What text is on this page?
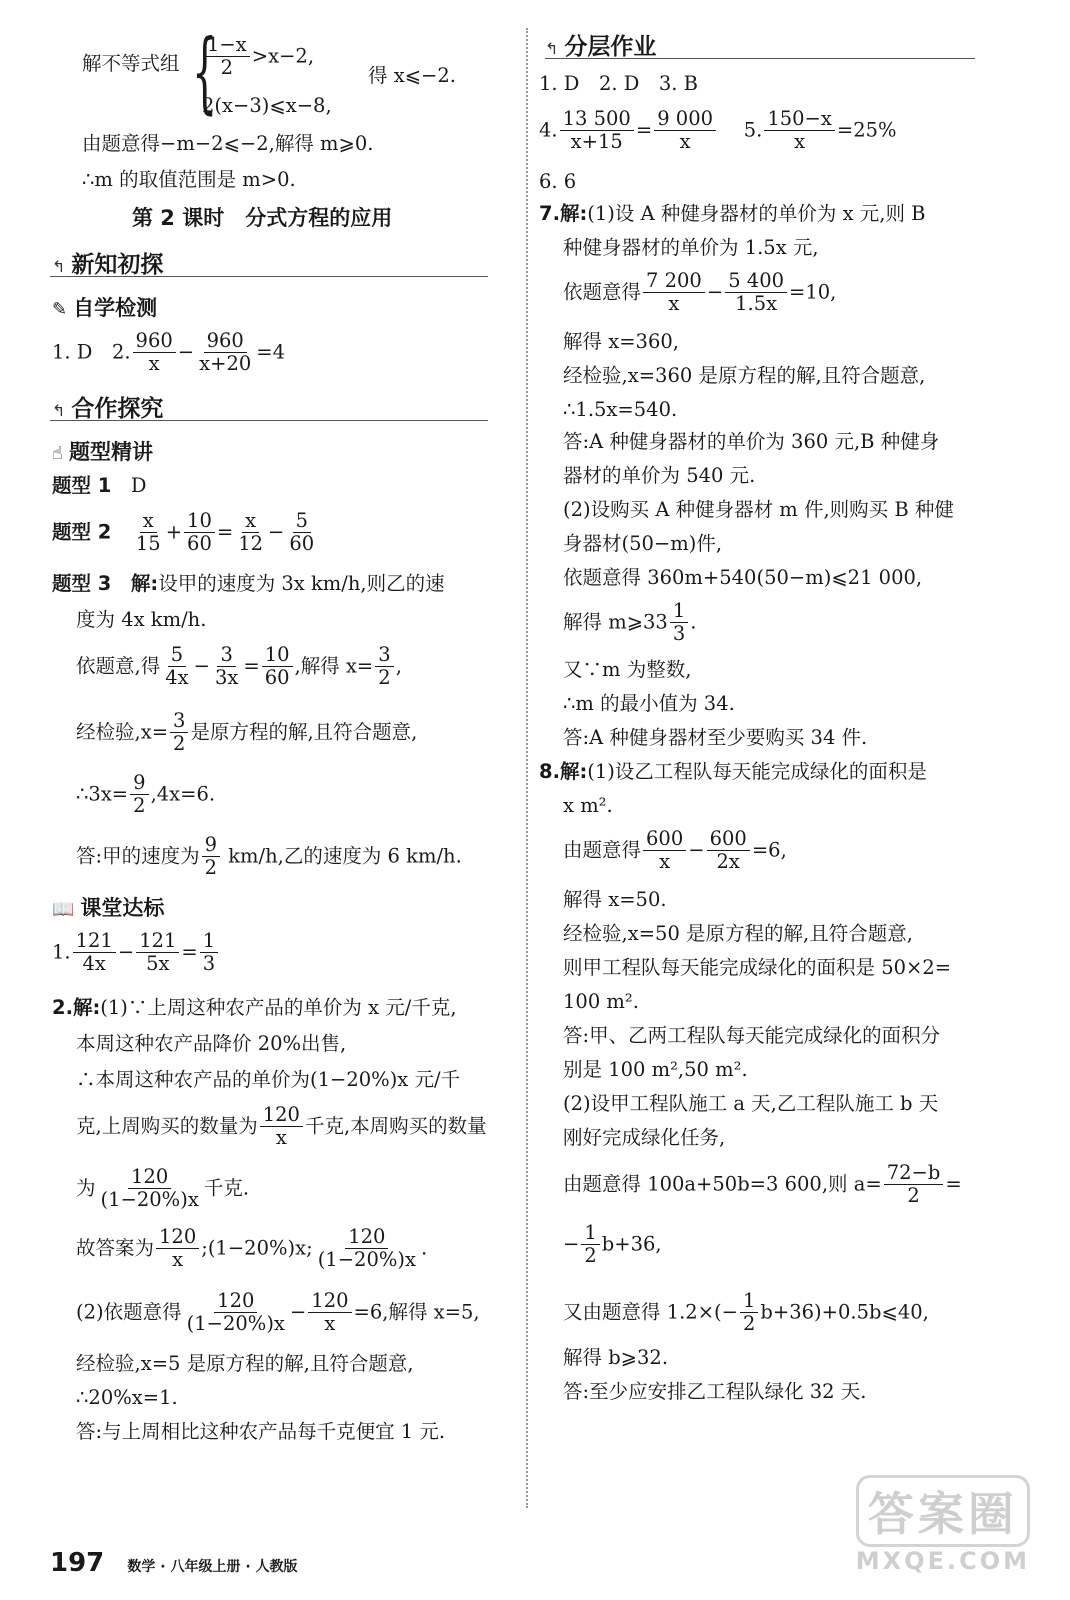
解不等式组 {
$\frac{1-x}{2} >x-2$,
得 x⩽−2.
2(x−3)⩽x−8,
由题意得−m−2⩽−2,解得 m⩾0.
∴m 的取值范围是 m>0.
第 2 课时　分式方程的应用
↰ 新知初探
✎ 自学检测
1. D　2. $\frac{960}{x} - \frac{960}{x+20} =4$
↰ 合作探究
☝ 题型精讲
题型 1　 D
题型 2　 $\frac{x}{15} + \frac{10}{60} = \frac{x}{12} - \frac{5}{60}$
题型 3　 解:设甲的速度为 3x km/h,则乙的速
度为 4x km/h.
依题意,得 $\frac{5}{4x} - \frac{3}{3x} = \frac{10}{60}$ ,解得 $x= \frac{3}{2}$ ,
经检验$,x= \frac{3}{2}$ 是原方程的解,且符合题意,
∴3x= $\frac{9}{2} ,4x=6$.
答:甲的速度为 $\frac{9}{2} km/h$,乙的速度为 6 km/h.
📖 课堂达标
1. $\frac{121}{4x} - \frac{121}{5x} = \frac{1}{3}$
2.解:(1)∵上周这种农产品的单价为 x 元/千克,
本周这种农产品降价 20%出售,
∴本周这种农产品的单价为(1−20%)x 元/千
克,上周购买的数量为 $\frac{120}{x}$ 千克,本周购买的数量
为 $\frac{120}{(1-20\%)x}$ 千克.
故答案为 $\frac{120}{x}$ ;(1−20%)x; $\frac{120}{(1-20\%)x}$ .
(2)依题意得 $\frac{120}{(1-20\%)x} - \frac{120}{x} =6$,解得 x=5,
经检验,x=5 是原方程的解,且符合题意,
∴20%x=1.
答:与上周相比这种农产品每千克便宜 1 元.
↰ 分层作业
1. D　2. D　3. B
4. $\frac{13 500}{x+15} = \frac{9 000}{x}$
　 5. $\frac{150-x}{x} =25\%$
6. 6
7.解:(1)设 A 种健身器材的单价为 x 元,则 B
种健身器材的单价为 1.5x 元,
依题意得 $\frac{7 200}{x} - \frac{5 400}{1.5x} =10$,
解得 x=360,
经检验,x=360 是原方程的解,且符合题意,
∴1.5x=540.
答:A 种健身器材的单价为 360 元,B 种健身
器材的单价为 540 元.
(2)设购买 A 种健身器材 m 件,则购买 B 种健
身器材(50−m)件,
依题意得 360m+540(50−m)⩽21 000,
解得 m⩾33 $\frac{1}{3}$ .
又∵m 为整数,
∴m 的最小值为 34.
答:A 种健身器材至少要购买 34 件.
8.解:(1)设乙工程队每天能完成绿化的面积是
x m².
由题意得 $\frac{600}{x} - \frac{600}{2x} =6$,
解得 x=50.
经检验,x=50 是原方程的解,且符合题意,
则甲工程队每天能完成绿化的面积是 50×2=
100 m².
答:甲、乙两工程队每天能完成绿化的面积分
别是 100 m²,50 m².
(2)设甲工程队施工 a 天,乙工程队施工 b 天
刚好完成绿化任务,
由题意得 100a+50b=3 600,则 $a= \frac{72-b}{2}$ =
− $\frac{1}{2} b+36$,
又由题意得 $1.2\times(- \frac{1}{2}$ b+36)+0.5b⩽40,
解得 b⩾32.
答:至少应安排乙工程队绿化 32 天.
197 数学 · 八年级上册 · 人教版
答案圈
MXQE.COM
